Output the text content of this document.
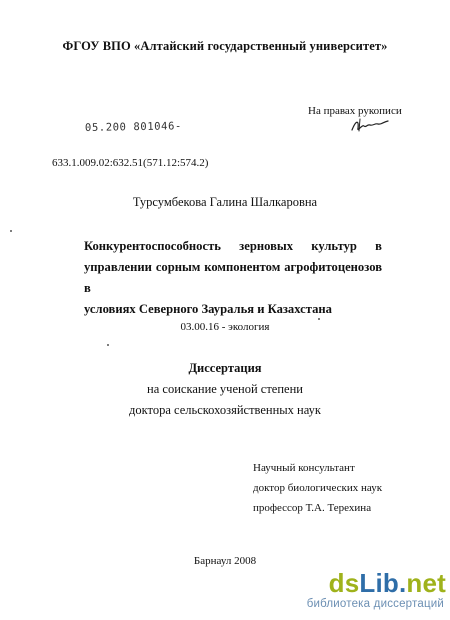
ФГОУ ВПО «Алтайский государственный университет»
На правах рукописи
05.200 801046-
633.1.009.02:632.51(571.12:574.2)
Турсумбекова Галина Шалкаровна
Конкурентоспособность зерновых культур в
управлении сорным компонентом агрофитоценозов в
условиях Северного Зауралья и Казахстана
03.00.16 - экология
Диссертация
на соискание ученой степени
доктора сельскохозяйственных наук
Научный консультант
доктор биологических наук
профессор Т.А. Терехина
Барнаул 2008
dsLib.net
библиотека диссертаций
